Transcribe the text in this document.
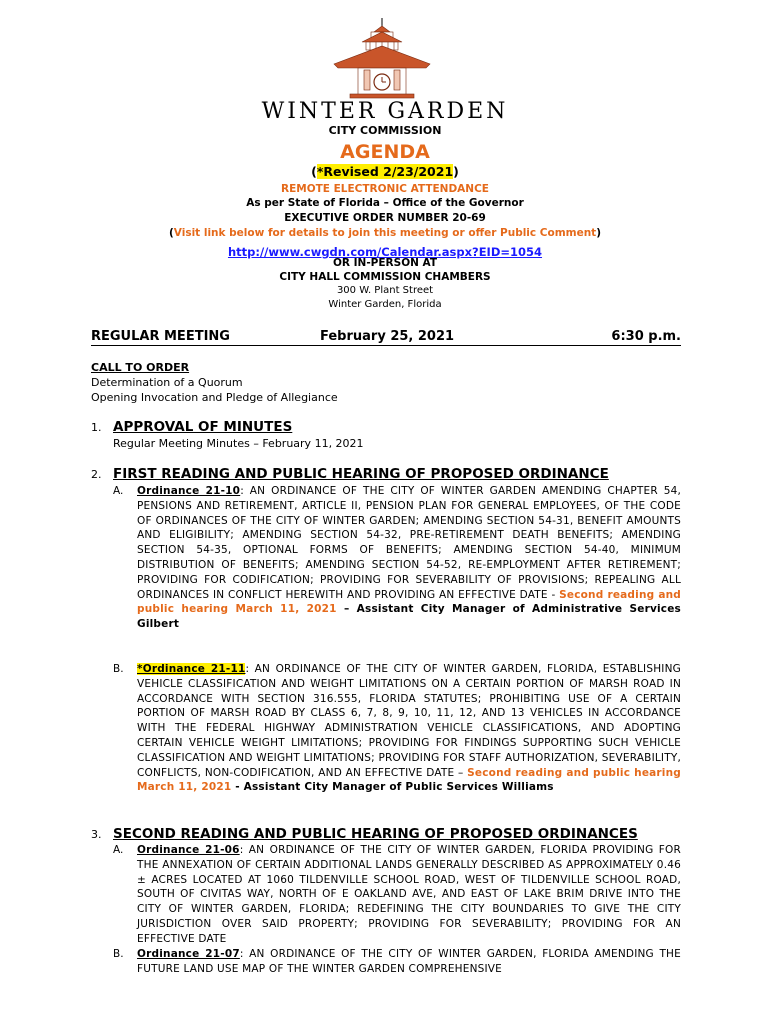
WINTER GARDEN
CITY COMMISSION
AGENDA
(*Revised 2/23/2021)
REMOTE ELECTRONIC ATTENDANCE
As per State of Florida – Office of the Governor
EXECUTIVE ORDER NUMBER 20-69
(Visit link below for details to join this meeting or offer Public Comment)
http://www.cwgdn.com/Calendar.aspx?EID=1054
OR IN-PERSON AT
CITY HALL COMMISSION CHAMBERS
300 W. Plant Street
Winter Garden, Florida
REGULAR MEETING	February 25, 2021	6:30 p.m.
CALL TO ORDER
Determination of a Quorum
Opening Invocation and Pledge of Allegiance
1. APPROVAL OF MINUTES
Regular Meeting Minutes – February 11, 2021
2. FIRST READING AND PUBLIC HEARING OF PROPOSED ORDINANCE
A. Ordinance 21-10: AN ORDINANCE OF THE CITY OF WINTER GARDEN AMENDING CHAPTER 54, PENSIONS AND RETIREMENT, ARTICLE II, PENSION PLAN FOR GENERAL EMPLOYEES, OF THE CODE OF ORDINANCES OF THE CITY OF WINTER GARDEN; AMENDING SECTION 54-31, BENEFIT AMOUNTS AND ELIGIBILITY; AMENDING SECTION 54-32, PRE-RETIREMENT DEATH BENEFITS; AMENDING SECTION 54-35, OPTIONAL FORMS OF BENEFITS; AMENDING SECTION 54-40, MINIMUM DISTRIBUTION OF BENEFITS; AMENDING SECTION 54-52, RE-EMPLOYMENT AFTER RETIREMENT; PROVIDING FOR CODIFICATION; PROVIDING FOR SEVERABILITY OF PROVISIONS; REPEALING ALL ORDINANCES IN CONFLICT HEREWITH AND PROVIDING AN EFFECTIVE DATE - Second reading and public hearing March 11, 2021 – Assistant City Manager of Administrative Services Gilbert
B. *Ordinance 21-11: AN ORDINANCE OF THE CITY OF WINTER GARDEN, FLORIDA, ESTABLISHING VEHICLE CLASSIFICATION AND WEIGHT LIMITATIONS ON A CERTAIN PORTION OF MARSH ROAD IN ACCORDANCE WITH SECTION 316.555, FLORIDA STATUTES; PROHIBITING USE OF A CERTAIN PORTION OF MARSH ROAD BY CLASS 6, 7, 8, 9, 10, 11, 12, AND 13 VEHICLES IN ACCORDANCE WITH THE FEDERAL HIGHWAY ADMINISTRATION VEHICLE CLASSIFICATIONS, AND ADOPTING CERTAIN VEHICLE WEIGHT LIMITATIONS; PROVIDING FOR FINDINGS SUPPORTING SUCH VEHICLE CLASSIFICATION AND WEIGHT LIMITATIONS; PROVIDING FOR STAFF AUTHORIZATION, SEVERABILITY, CONFLICTS, NON-CODIFICATION, AND AN EFFECTIVE DATE – Second reading and public hearing March 11, 2021 - Assistant City Manager of Public Services Williams
3. SECOND READING AND PUBLIC HEARING OF PROPOSED ORDINANCES
A. Ordinance 21-06: AN ORDINANCE OF THE CITY OF WINTER GARDEN, FLORIDA PROVIDING FOR THE ANNEXATION OF CERTAIN ADDITIONAL LANDS GENERALLY DESCRIBED AS APPROXIMATELY 0.46 ± ACRES LOCATED AT 1060 TILDENVILLE SCHOOL ROAD, WEST OF TILDENVILLE SCHOOL ROAD, SOUTH OF CIVITAS WAY, NORTH OF E OAKLAND AVE, AND EAST OF LAKE BRIM DRIVE INTO THE CITY OF WINTER GARDEN, FLORIDA; REDEFINING THE CITY BOUNDARIES TO GIVE THE CITY JURISDICTION OVER SAID PROPERTY; PROVIDING FOR SEVERABILITY; PROVIDING FOR AN EFFECTIVE DATE
B. Ordinance 21-07: AN ORDINANCE OF THE CITY OF WINTER GARDEN, FLORIDA AMENDING THE FUTURE LAND USE MAP OF THE WINTER GARDEN COMPREHENSIVE
